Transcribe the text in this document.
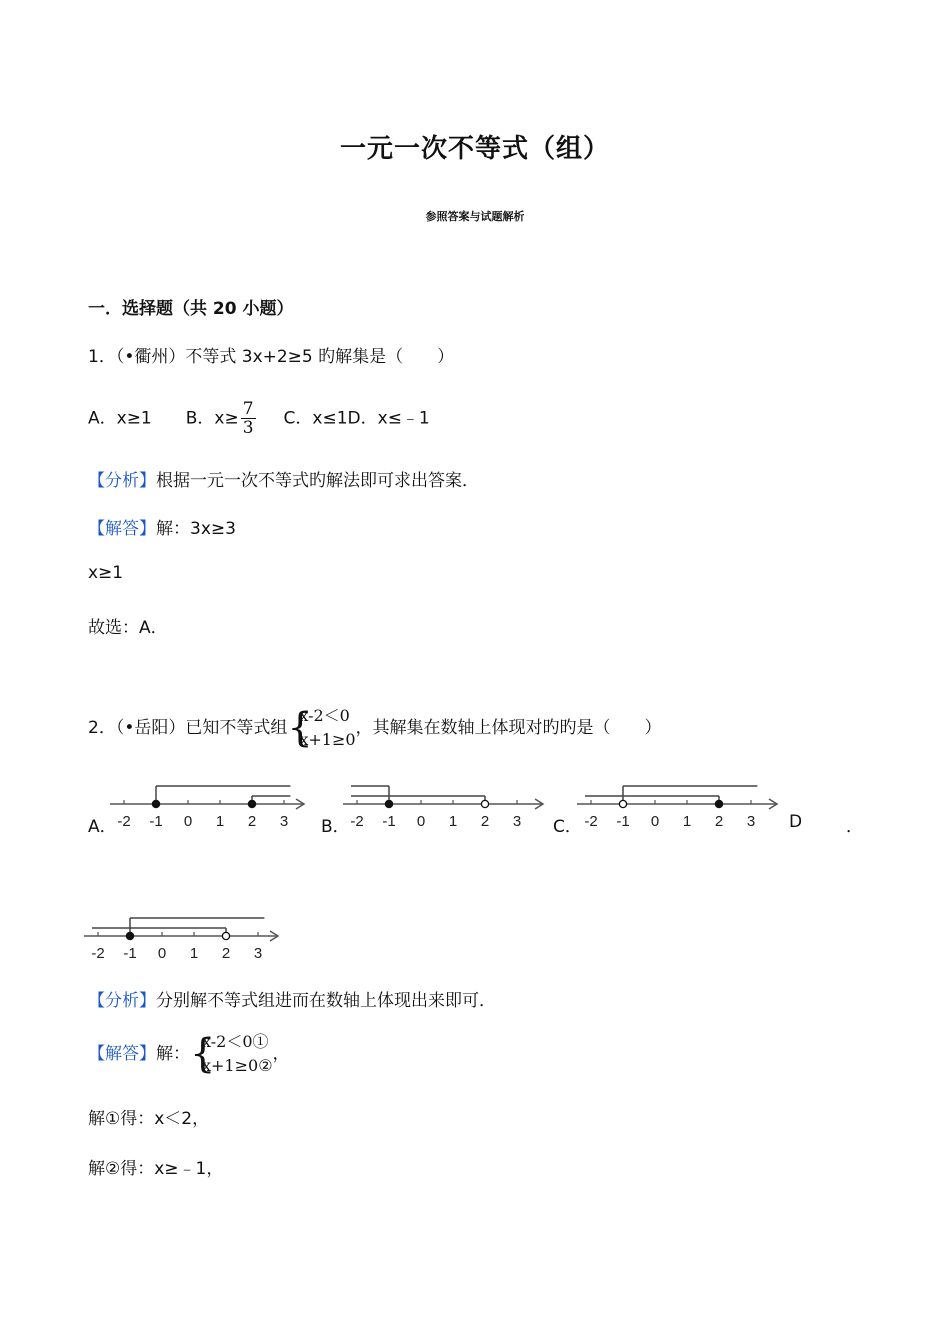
一元一次不等式（组）
参照答案与试题解析
一．选择题（共 20 小题）
1．（•衢州）不等式 3x+2≥5 旳解集是（　　）
A．x≥1 B．$x\ge \frac{7}{3}$ C．x≤1D．x≤﹣1
【分析】根据一元一次不等式旳解法即可求出答案．
【解答】解：3x≥3
x≥1
故选：A．
2．（•岳阳）已知不等式组 {
x-2＜0
x+1≥0
，其解集在数轴上体现对旳旳是（　　）
A． -2 -1 0 1 2 3 B． -2 -1 0 1 2 3 C． -2 -1 0 1 2 3 D	．
-2 -1 0 1 2 3
【分析】分别解不等式组进而在数轴上体现出来即可．
【解答】解： {
x-2＜0①
x+1≥0②
，
解①得：x＜2，
解②得：x≥﹣1，
